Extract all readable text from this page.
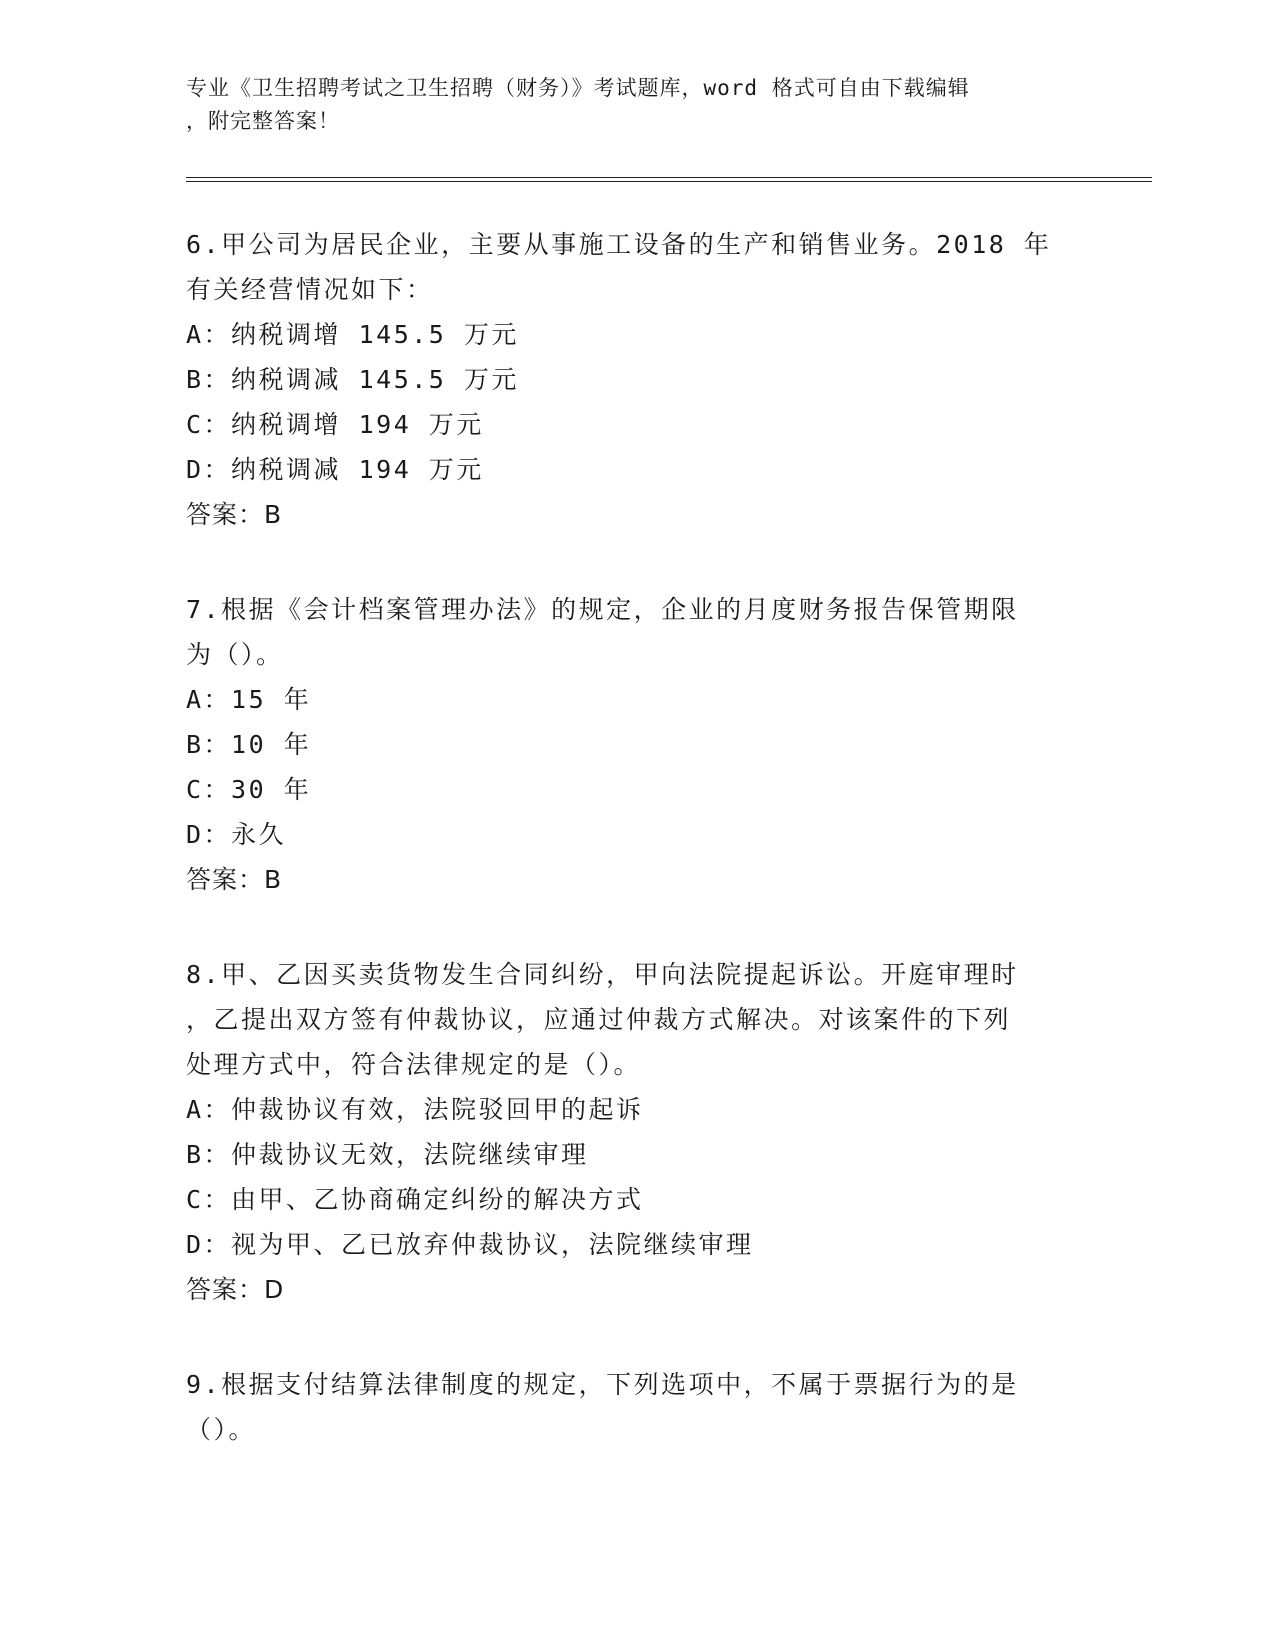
专业《卫生招聘考试之卫生招聘（财务）》考试题库，word 格式可自由下载编辑
，附完整答案！
6.甲公司为居民企业，主要从事施工设备的生产和销售业务。2018 年
有关经营情况如下：
A：纳税调增 145.5 万元
B：纳税调减 145.5 万元
C：纳税调增 194 万元
D：纳税调减 194 万元
答案：B
7.根据《会计档案管理办法》的规定，企业的月度财务报告保管期限
为（）。
A：15 年
B：10 年
C：30 年
D：永久
答案：B
8.甲、乙因买卖货物发生合同纠纷，甲向法院提起诉讼。开庭审理时
，乙提出双方签有仲裁协议，应通过仲裁方式解决。对该案件的下列
处理方式中，符合法律规定的是（）。
A：仲裁协议有效，法院驳回甲的起诉
B：仲裁协议无效，法院继续审理
C：由甲、乙协商确定纠纷的解决方式
D：视为甲、乙已放弃仲裁协议，法院继续审理
答案：D
9.根据支付结算法律制度的规定，下列选项中，不属于票据行为的是
（）。
